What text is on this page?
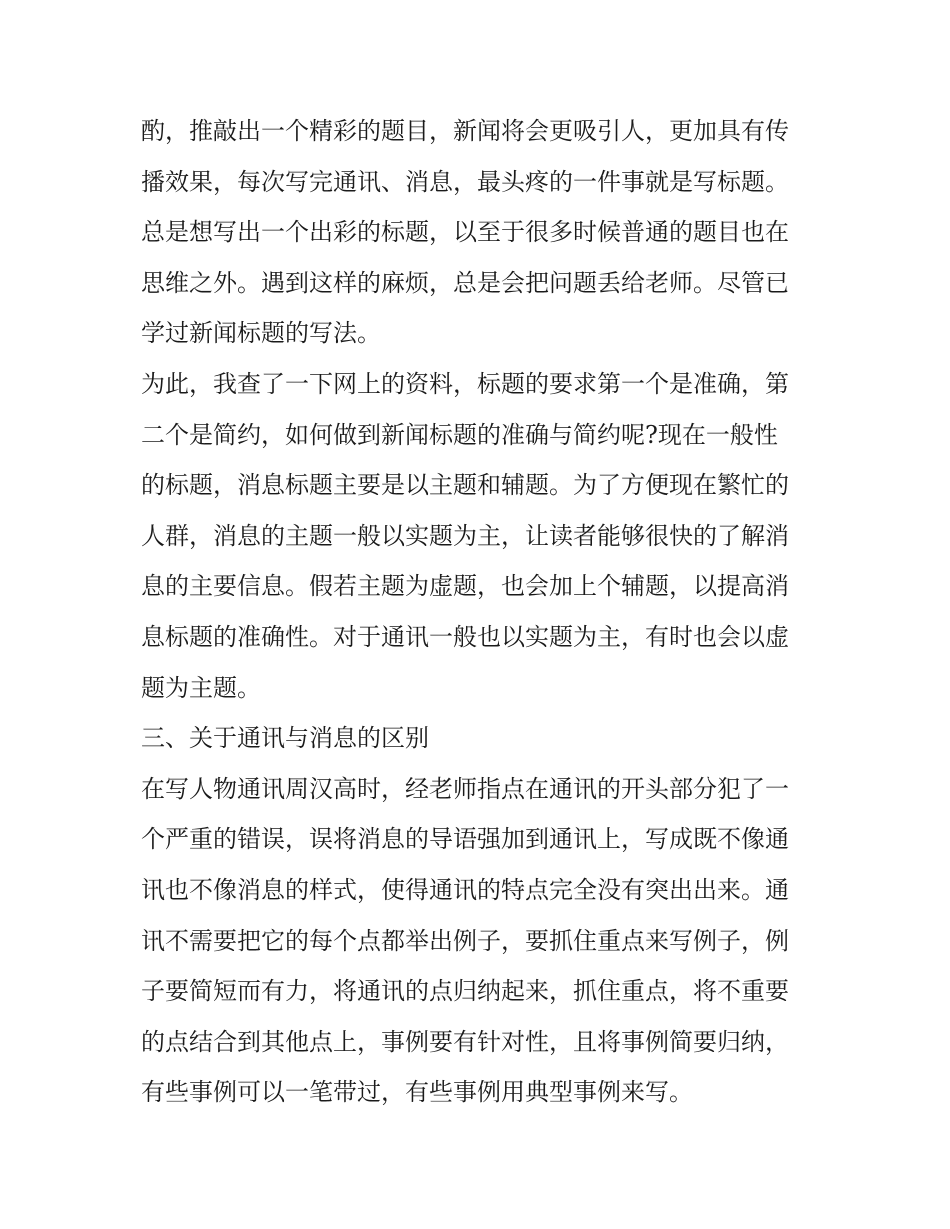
酌，推敲出一个精彩的题目，新闻将会更吸引人，更加具有传
播效果，每次写完通讯、消息，最头疼的一件事就是写标题。
总是想写出一个出彩的标题，以至于很多时候普通的题目也在
思维之外。遇到这样的麻烦，总是会把问题丢给老师。尽管已
学过新闻标题的写法。
为此，我查了一下网上的资料，标题的要求第一个是准确，第
二个是简约，如何做到新闻标题的准确与简约呢?现在一般性
的标题，消息标题主要是以主题和辅题。为了方便现在繁忙的
人群，消息的主题一般以实题为主，让读者能够很快的了解消
息的主要信息。假若主题为虚题，也会加上个辅题，以提高消
息标题的准确性。对于通讯一般也以实题为主，有时也会以虚
题为主题。
三、关于通讯与消息的区别
在写人物通讯周汉高时，经老师指点在通讯的开头部分犯了一
个严重的错误，误将消息的导语强加到通讯上，写成既不像通
讯也不像消息的样式，使得通讯的特点完全没有突出出来。通
讯不需要把它的每个点都举出例子，要抓住重点来写例子，例
子要简短而有力，将通讯的点归纳起来，抓住重点，将不重要
的点结合到其他点上，事例要有针对性，且将事例简要归纳，
有些事例可以一笔带过，有些事例用典型事例来写。
